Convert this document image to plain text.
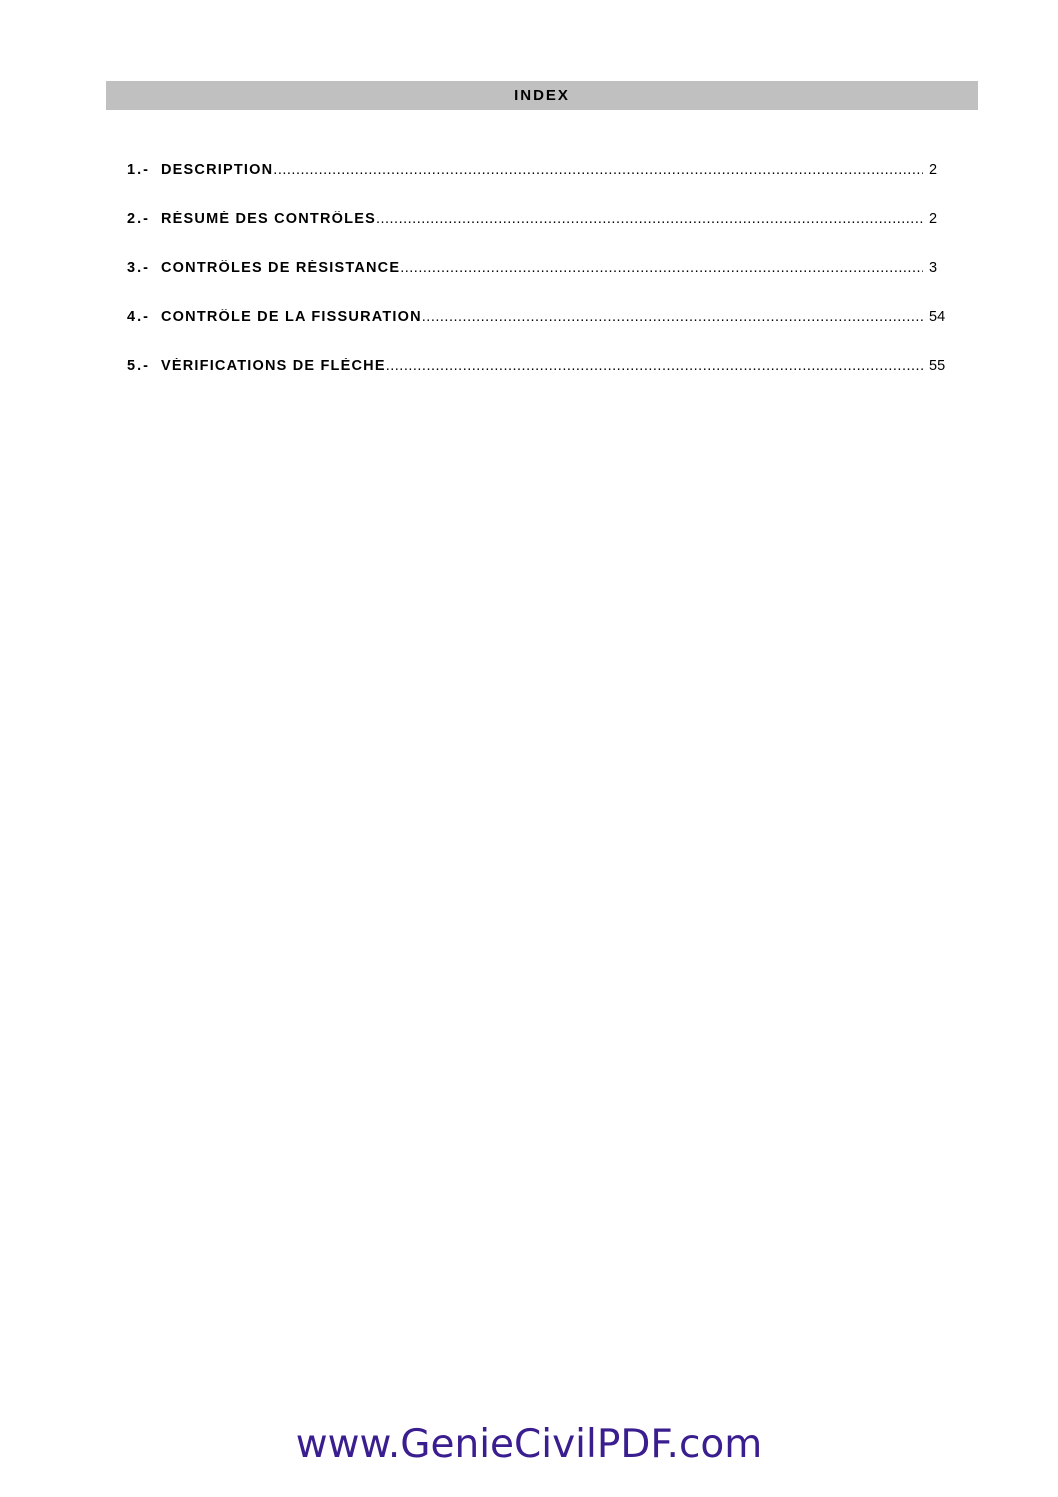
INDEX
1.- DESCRIPTION .....	2
2.- RÉSUMÉ DES CONTRÔLES .....	2
3.- CONTRÔLES DE RÉSISTANCE .....	3
4.- CONTRÔLE DE LA FISSURATION .....	54
5.- VÉRIFICATIONS DE FLÈCHE .....	55
www.GenieCivilPDF.com
